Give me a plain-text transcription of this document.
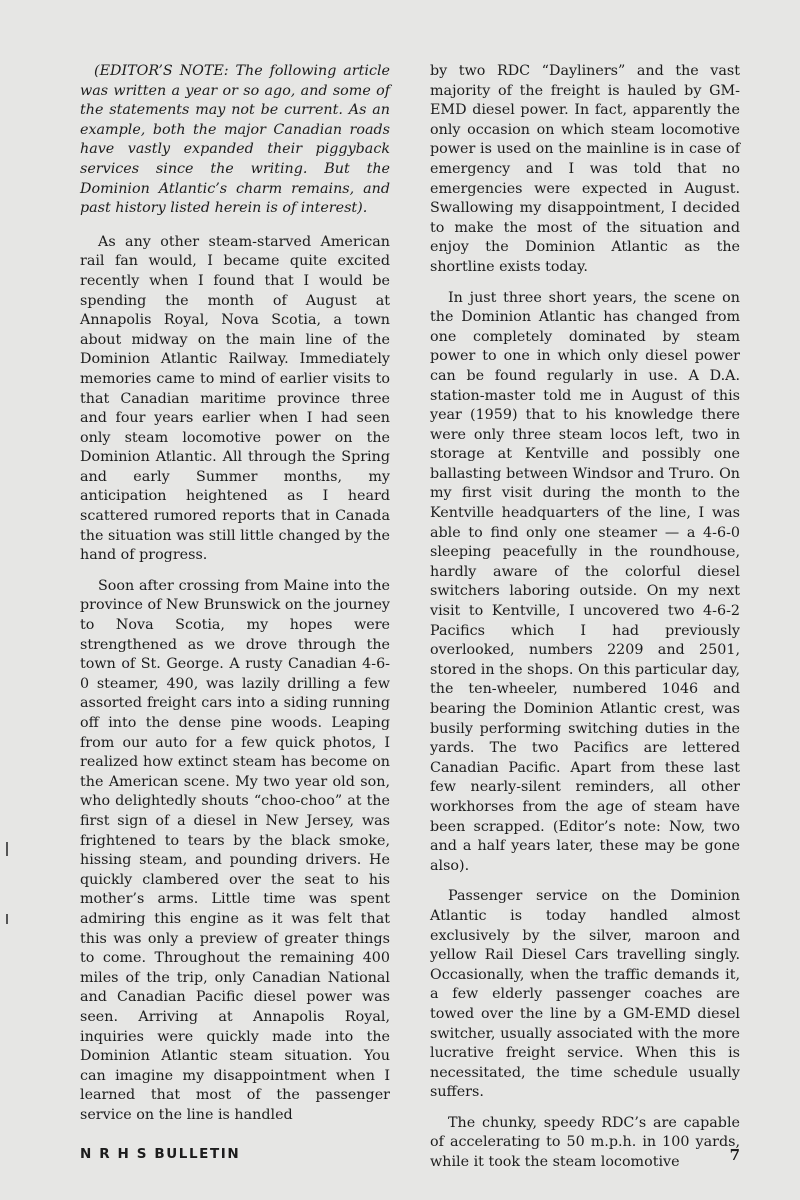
(EDITOR’S NOTE: The following article was written a year or so ago, and some of the statements may not be current. As an example, both the major Canadian roads have vastly expanded their piggyback services since the writing. But the Dominion Atlantic’s charm remains, and past history listed herein is of interest).

As any other steam-starved American rail fan would, I became quite excited recently when I found that I would be spending the month of August at Annapolis Royal, Nova Scotia, a town about midway on the main line of the Dominion Atlantic Railway. Immediately memories came to mind of earlier visits to that Canadian maritime province three and four years earlier when I had seen only steam locomotive power on the Dominion Atlantic. All through the Spring and early Summer months, my anticipation heightened as I heard scattered rumored reports that in Canada the situation was still little changed by the hand of progress.

Soon after crossing from Maine into the province of New Brunswick on the journey to Nova Scotia, my hopes were strengthened as we drove through the town of St. George. A rusty Canadian 4-6-0 steamer, 490, was lazily drilling a few assorted freight cars into a siding running off into the dense pine woods. Leaping from our auto for a few quick photos, I realized how extinct steam has become on the American scene. My two year old son, who delightedly shouts “choo-choo” at the first sign of a diesel in New Jersey, was frightened to tears by the black smoke, hissing steam, and pounding drivers. He quickly clambered over the seat to his mother’s arms. Little time was spent admiring this engine as it was felt that this was only a preview of greater things to come. Throughout the remaining 400 miles of the trip, only Canadian National and Canadian Pacific diesel power was seen. Arriving at Annapolis Royal, inquiries were quickly made into the Dominion Atlantic steam situation. You can imagine my disappointment when I learned that most of the passenger service on the line is handled

by two RDC “Dayliners” and the vast majority of the freight is hauled by GM-EMD diesel power. In fact, apparently the only occasion on which steam locomotive power is used on the mainline is in case of emergency and I was told that no emergencies were expected in August. Swallowing my disappointment, I decided to make the most of the situation and enjoy the Dominion Atlantic as the shortline exists today.

In just three short years, the scene on the Dominion Atlantic has changed from one completely dominated by steam power to one in which only diesel power can be found regularly in use. A D.A. station-master told me in August of this year (1959) that to his knowledge there were only three steam locos left, two in storage at Kentville and possibly one ballasting between Windsor and Truro. On my first visit during the month to the Kentville headquarters of the line, I was able to find only one steamer — a 4-6-0 sleeping peacefully in the roundhouse, hardly aware of the colorful diesel switchers laboring outside. On my next visit to Kentville, I uncovered two 4-6-2 Pacifics which I had previously overlooked, numbers 2209 and 2501, stored in the shops. On this particular day, the ten-wheeler, numbered 1046 and bearing the Dominion Atlantic crest, was busily performing switching duties in the yards. The two Pacifics are lettered Canadian Pacific. Apart from these last few nearly-silent reminders, all other workhorses from the age of steam have been scrapped. (Editor’s note: Now, two and a half years later, these may be gone also).

Passenger service on the Dominion Atlantic is today handled almost exclusively by the silver, maroon and yellow Rail Diesel Cars travelling singly. Occasionally, when the traffic demands it, a few elderly passenger coaches are towed over the line by a GM-EMD diesel switcher, usually associated with the more lucrative freight service. When this is necessitated, the time schedule usually suffers.

The chunky, speedy RDC’s are capable of accelerating to 50 m.p.h. in 100 yards, while it took the steam locomotive

N R H S BULLETIN	7
